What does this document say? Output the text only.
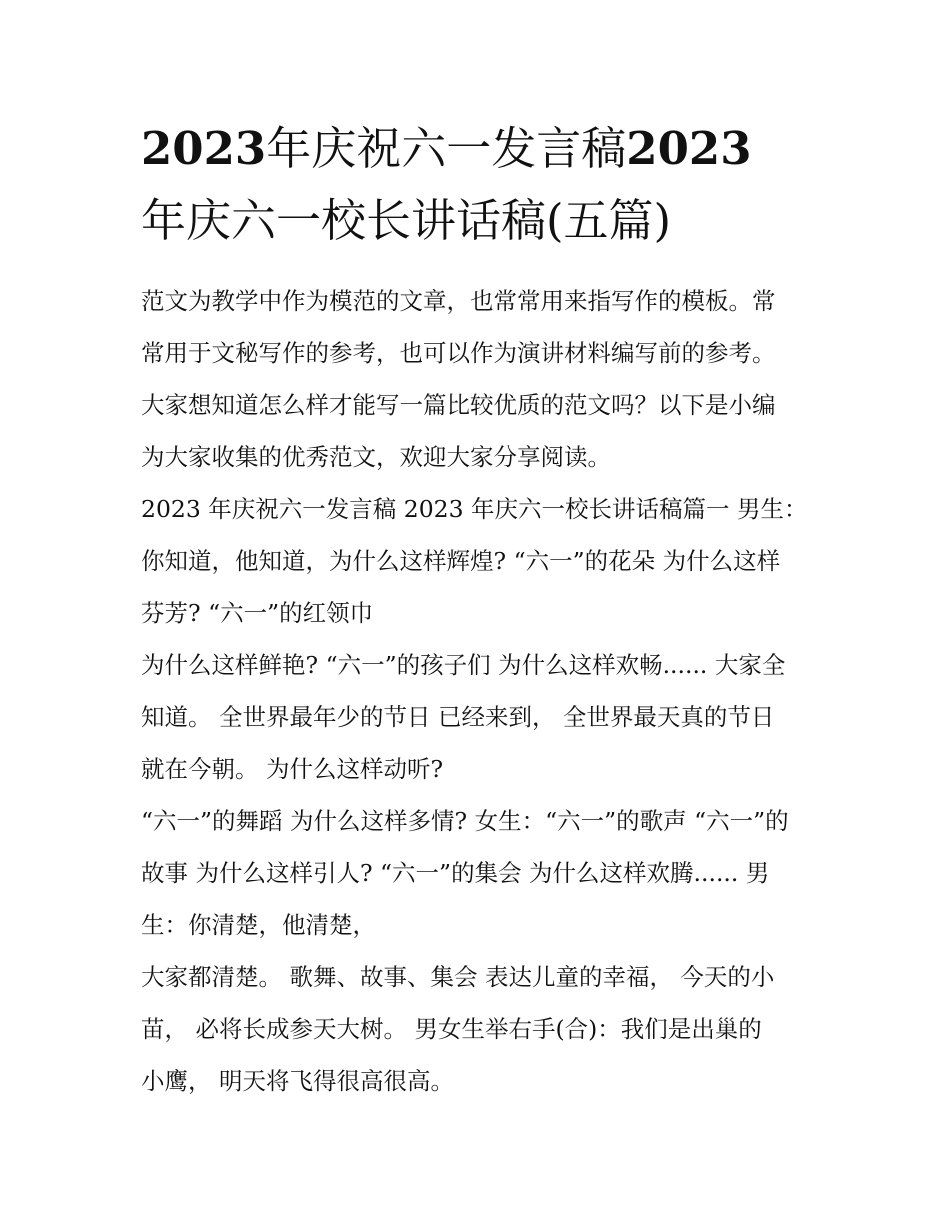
2023年庆祝六一发言稿2023
年庆六一校长讲话稿(五篇)

范文为教学中作为模范的文章，也常常用来指写作的模板。常

常用于文秘写作的参考，也可以作为演讲材料编写前的参考。

大家想知道怎么样才能写一篇比较优质的范文吗？以下是小编

为大家收集的优秀范文，欢迎大家分享阅读。

2023 年庆祝六一发言稿 2023 年庆六一校长讲话稿篇一 男生：

你知道，他知道，为什么这样辉煌? “六一”的花朵 为什么这样

芬芳? “六一”的红领巾

为什么这样鲜艳? “六一”的孩子们 为什么这样欢畅...... 大家全

知道。 全世界最年少的节日 已经来到， 全世界最天真的节日

就在今朝。 为什么这样动听?

“六一”的舞蹈 为什么这样多情? 女生：“六一”的歌声 “六一”的

故事 为什么这样引人? “六一”的集会 为什么这样欢腾...... 男

生：你清楚，他清楚，

大家都清楚。 歌舞、故事、集会 表达儿童的幸福， 今天的小

苗， 必将长成参天大树。 男女生举右手(合)：我们是出巢的

小鹰， 明天将飞得很高很高。
